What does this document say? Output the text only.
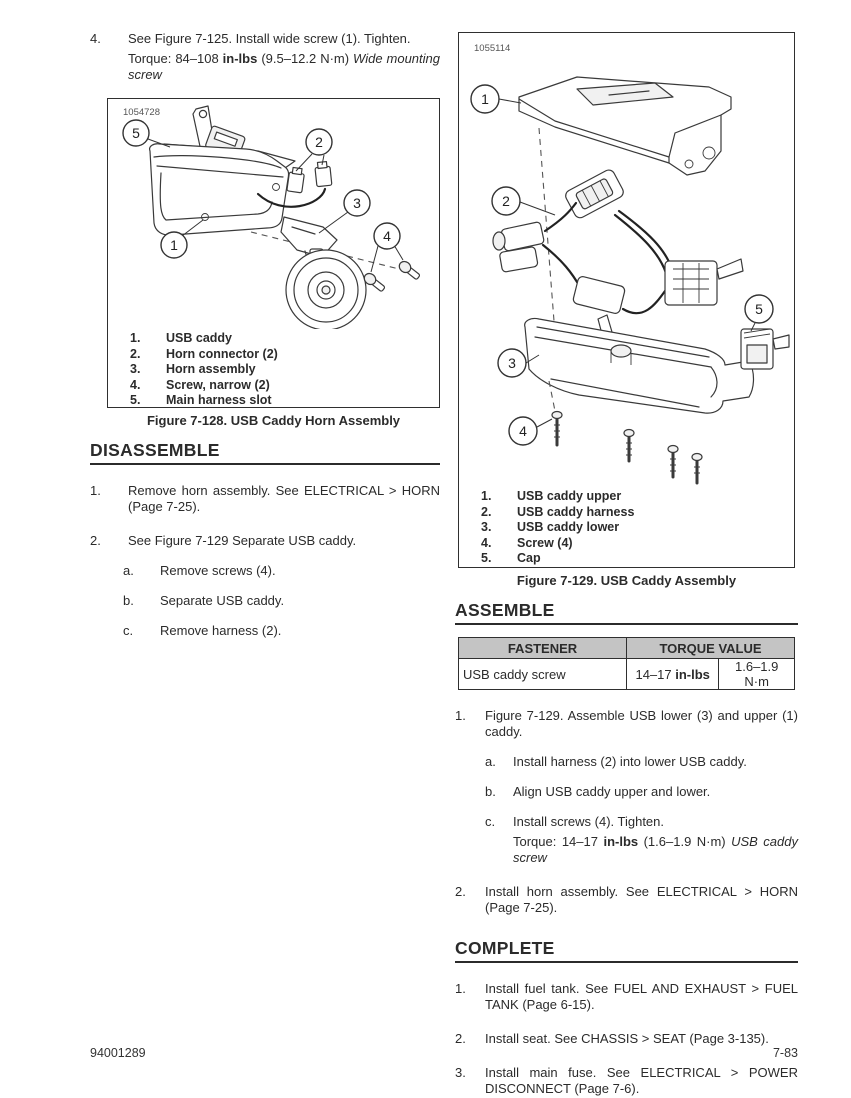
4.	See Figure 7-125. Install wide screw (1). Tighten.
Torque: 84–108 in-lbs (9.5–12.2 N·m) Wide mounting screw
1054728
5
2
3
4
1
1.	USB caddy
2.	Horn connector (2)
3.	Horn assembly
4.	Screw, narrow (2)
5.	Main harness slot
Figure 7-128. USB Caddy Horn Assembly
DISASSEMBLE
1.	Remove horn assembly. See ELECTRICAL > HORN (Page 7-25).
2.	See Figure 7-129 Separate USB caddy.
a.	Remove screws (4).
b.	Separate USB caddy.
c.	Remove harness (2).
1055114
1
2
3
4
5
1.	USB caddy upper
2.	USB caddy harness
3.	USB caddy lower
4.	Screw (4)
5.	Cap
Figure 7-129. USB Caddy Assembly
ASSEMBLE
FASTENER	TORQUE VALUE	
USB caddy screw	14–17 in-lbs	1.6–1.9 N·m
1.	Figure 7-129. Assemble USB lower (3) and upper (1) caddy.
a.	Install harness (2) into lower USB caddy.
b.	Align USB caddy upper and lower.
c.	Install screws (4). Tighten.
Torque: 14–17 in-lbs (1.6–1.9 N·m) USB caddy screw
2.	Install horn assembly. See ELECTRICAL > HORN (Page 7-25).
COMPLETE
1.	Install fuel tank. See FUEL AND EXHAUST > FUEL TANK (Page 6-15).
2.	Install seat. See CHASSIS > SEAT (Page 3-135).
3.	Install main fuse. See ELECTRICAL > POWER DISCONNECT (Page 7-6).
94001289	7-83
